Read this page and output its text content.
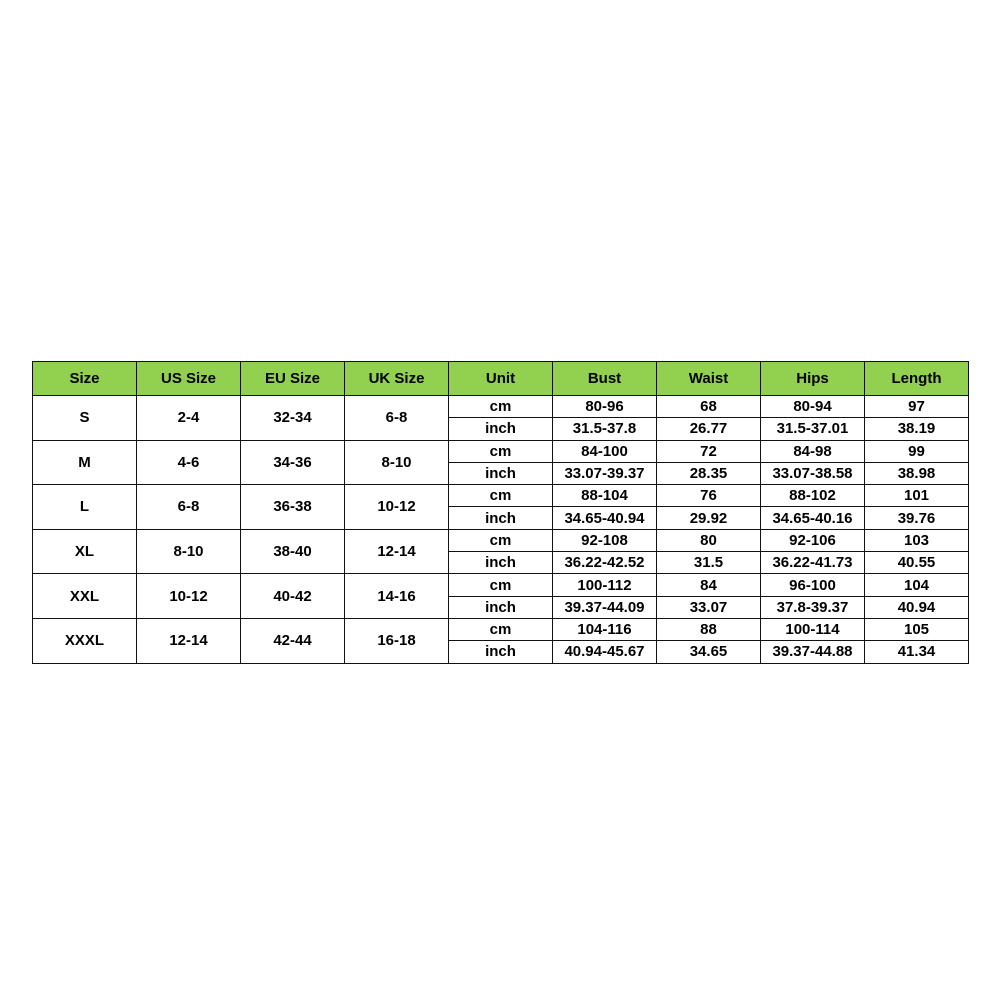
Size	US Size	EU Size	UK Size	Unit	Bust	Waist	Hips	Length
S	2-4	32-34	6-8	cm	80-96	68	80-94	97
				inch	31.5-37.8	26.77	31.5-37.01	38.19
M	4-6	34-36	8-10	cm	84-100	72	84-98	99
				inch	33.07-39.37	28.35	33.07-38.58	38.98
L	6-8	36-38	10-12	cm	88-104	76	88-102	101
				inch	34.65-40.94	29.92	34.65-40.16	39.76
XL	8-10	38-40	12-14	cm	92-108	80	92-106	103
				inch	36.22-42.52	31.5	36.22-41.73	40.55
XXL	10-12	40-42	14-16	cm	100-112	84	96-100	104
				inch	39.37-44.09	33.07	37.8-39.37	40.94
XXXL	12-14	42-44	16-18	cm	104-116	88	100-114	105
				inch	40.94-45.67	34.65	39.37-44.88	41.34
